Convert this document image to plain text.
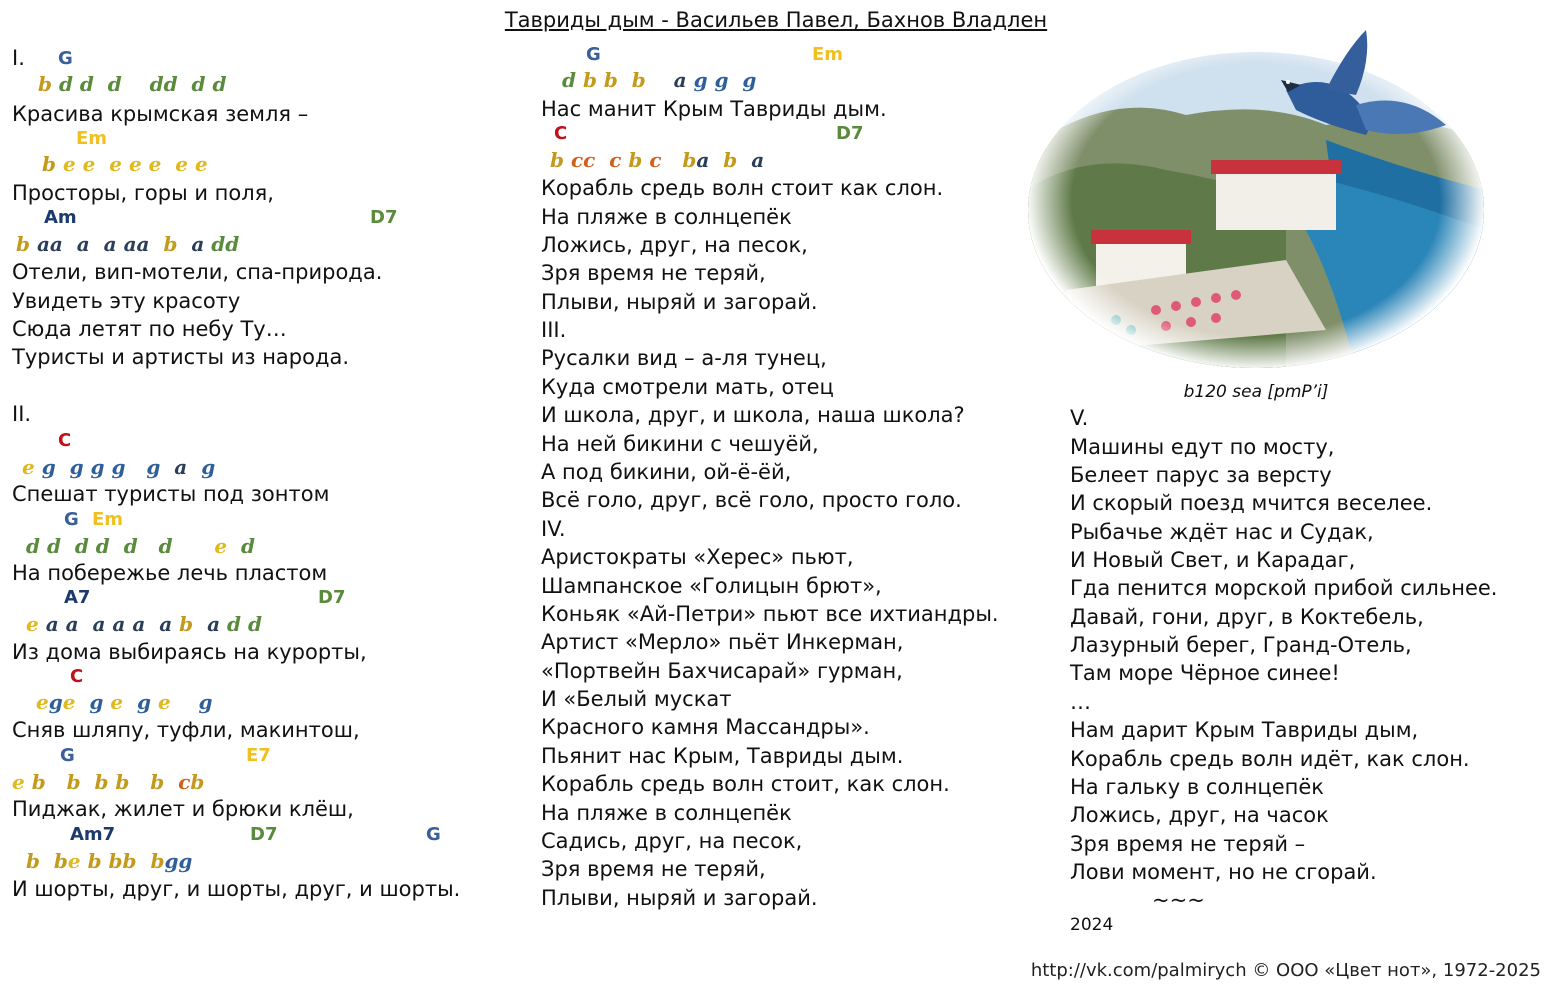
Тавриды дым - Васильев Павел, Бахнов Владлен
I. G
b d d  d    dd  d d
Красива крымская земля –
Em
b e e  e e e  e e
Просторы, горы и поля,
Am	D7
b aa  a  a aa  b  a dd
Отели, вип-мотели, спа-природа.
Увидеть эту красоту
Сюда летят по небу Ту…
Туристы и артисты из народа.
II.
C
e g  g g g   g  a  g
Спешат туристы под зонтом
G Em
d d  d d  d   d      e  d
На побережье лечь пластом
A7	D7
e a a  a a a  a b  a d d
Из дома выбираясь на курорты,
C
ege  g e  g e    g
Сняв шляпу, туфли, макинтош,
G	E7
e b   b  b b   b  cb
Пиджак, жилет и брюки клёш,
Am7	D7	G
b  be b bb  bgg
И шорты, друг, и шорты, друг, и шорты.
G	Em
d b b  b    a g g  g
Нас манит Крым Тавриды дым.
C	D7
b cc  c b c   ba  b  a
Корабль средь волн стоит как слон.
На пляже в солнцепёк
Ложись, друг, на песок,
Зря время не теряй,
Плыви, ныряй и загорай.
III.
Русалки вид – а-ля тунец,
Куда смотрели мать, отец
И школа, друг, и школа, наша школа?
На ней бикини с чешуёй,
А под бикини, ой-ё-ёй,
Всё голо, друг, всё голо, просто голо.
IV.
Аристократы «Херес» пьют,
Шампанское «Голицын брют»,
Коньяк «Ай-Петри» пьют все ихтиандры.
Артист «Мерло» пьёт Инкерман,
«Портвейн Бахчисарай» гурман,
И «Белый мускат
Красного камня Массандры».
Пьянит нас Крым, Тавриды дым.
Корабль средь волн стоит, как слон.
На пляже в солнцепёк
Садись, друг, на песок,
Зря время не теряй,
Плыви, ныряй и загорай.
b120 sea [pmP’i]
V.
Машины едут по мосту,
Белеет парус за версту
И скорый поезд мчится веселее.
Рыбачье ждёт нас и Судак,
И Новый Свет, и Карадаг,
Гда пенится морской прибой сильнее.
Давай, гони, друг, в Коктебель,
Лазурный берег, Гранд-Отель,
Там море Чёрное синее!
…
Нам дарит Крым Тавриды дым,
Корабль средь волн идёт, как слон.
На гальку в солнцепёк
Ложись, друг, на часок
Зря время не теряй –
Лови момент, но не сгорай.
~~~
2024
http://vk.com/palmirych © ООО «Цвет нот», 1972-2025
